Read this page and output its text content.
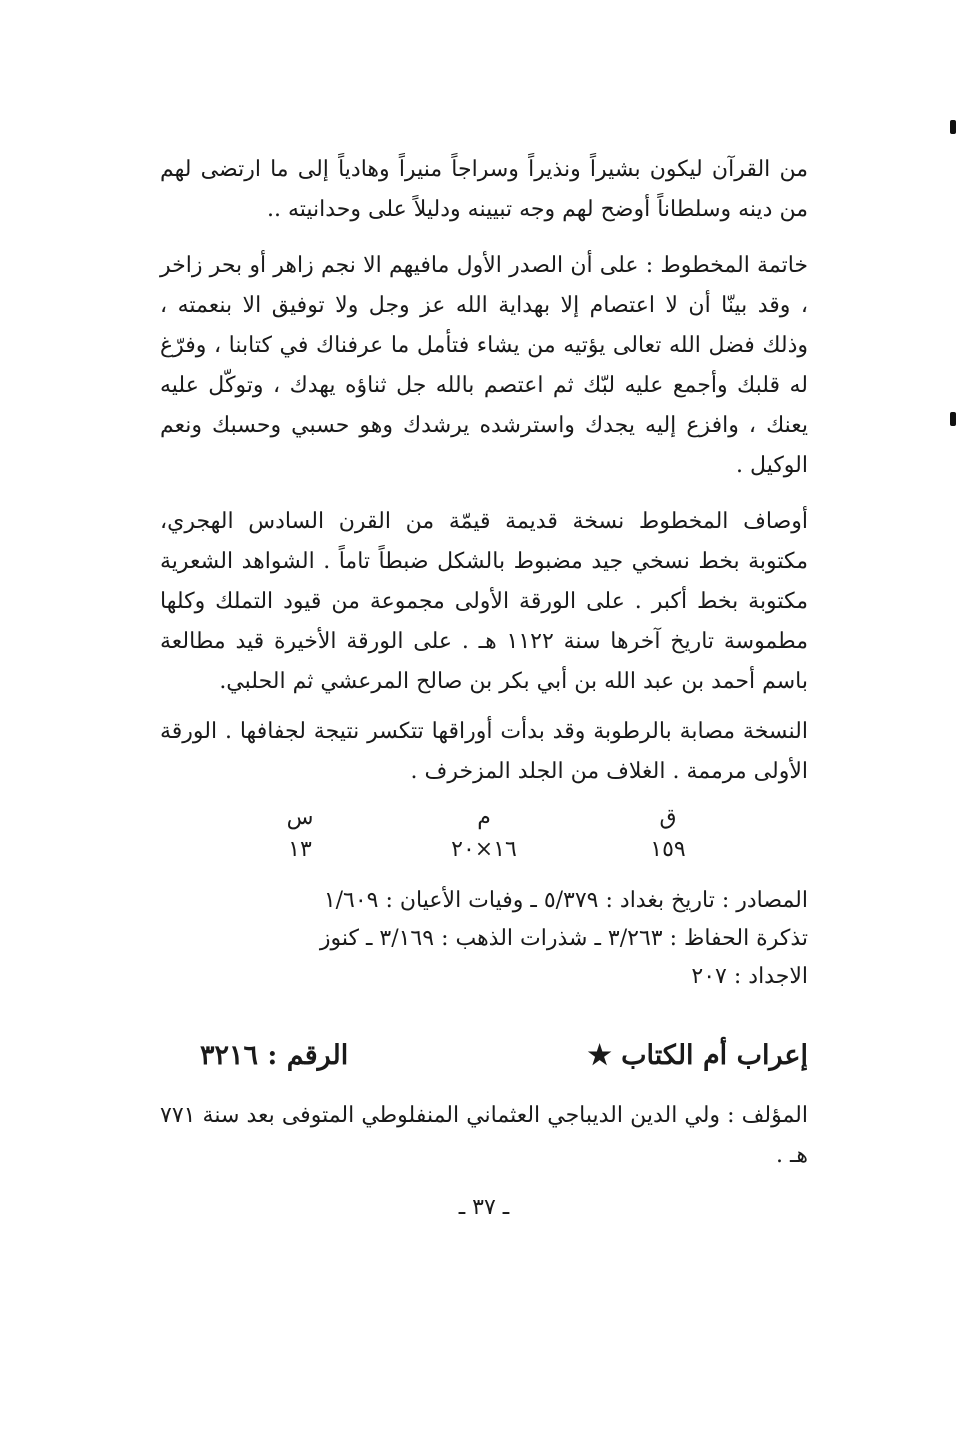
من القرآن ليكون بشيراً ونذيراً وسراجاً منيراً وهادياً إلى ما ارتضى لهم من دينه وسلطاناً أوضح لهم وجه تبيينه ودليلاً على وحدانيته ..

خاتمة المخطوط : على أن الصدر الأول مافيهم الا نجم زاهر أو بحر زاخر ، وقد بينّا أن لا اعتصام إلا بهداية الله عز وجل ولا توفيق الا بنعمته ، وذلك فضل الله تعالى يؤتيه من يشاء فتأمل ما عرفناك في كتابنا ، وفرّغ له قلبك وأجمع عليه لبّك ثم اعتصم بالله جل ثناؤه يهدك ، وتوكّل عليه يعنك ، وافزع إليه يجدك واسترشده يرشدك وهو حسبي وحسبك ونعم الوكيل .

أوصاف المخطوط نسخة قديمة قيمّة من القرن السادس الهجري، مكتوبة بخط نسخي جيد مضبوط بالشكل ضبطاً تاماً . الشواهد الشعرية مكتوبة بخط أكبر . على الورقة الأولى مجموعة من قيود التملك وكلها مطموسة تاريخ آخرها سنة ١١٢٢ هـ . على الورقة الأخيرة قيد مطالعة باسم أحمد بن عبد الله بن أبي بكر بن صالح المرعشي ثم الحلبي.

النسخة مصابة بالرطوبة وقد بدأت أوراقها تتكسر نتيجة لجفافها . الورقة الأولى مرممة . الغلاف من الجلد المزخرف .

ق
م
س
١٥٩
١٦×٢٠
١٣

المصادر : تاريخ بغداد : ٥/٣٧٩ ـ وفيات الأعيان : ١/٦٠٩

تذكرة الحفاظ : ٣/٢٦٣ ـ شذرات الذهب : ٣/١٦٩ ـ كنوز

الاجداد : ٢٠٧

إعراب أم الكتاب ★
الرقم : ٣٢١٦

المؤلف : ولي الدين الديباجي العثماني المنفلوطي المتوفى بعد سنة ٧٧١ هـ .

ـ ٣٧ ـ
